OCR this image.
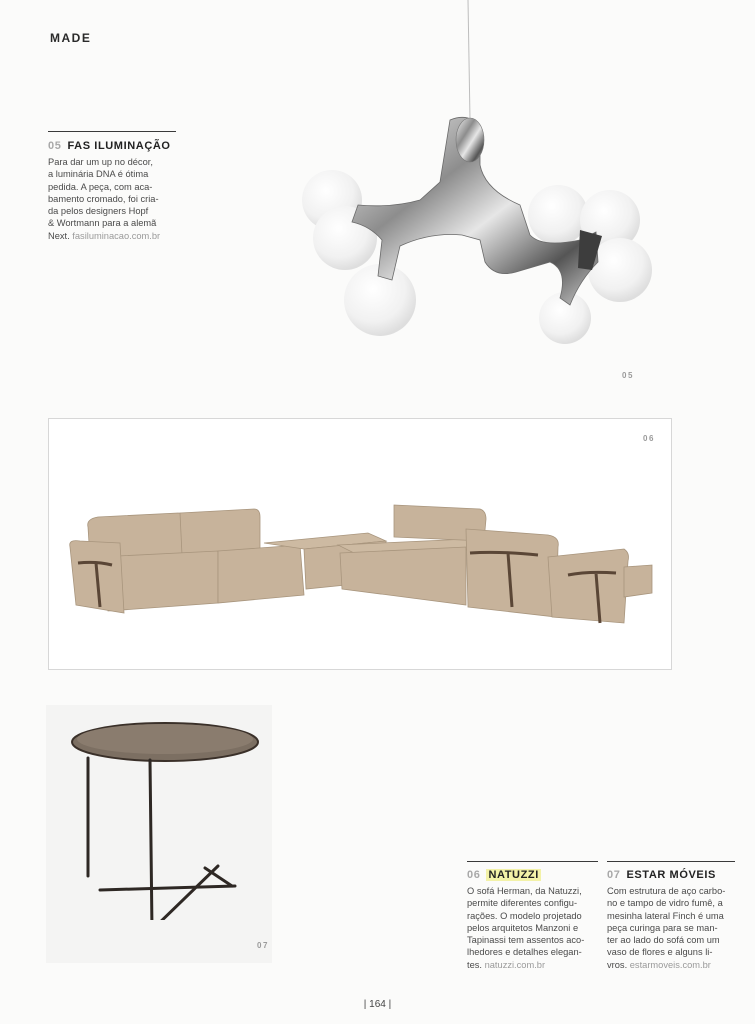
MADE
05 FAS ILUMINAÇÃO
Para dar um up no décor,
a luminária DNA é ótima
pedida. A peça, com aca-
bamento cromado, foi cria-
da pelos designers Hopf
& Wortmann para a alemã
Next. fasiluminacao.com.br
05
06
07
06 NATUZZI
O sofá Herman, da Natuzzi,
permite diferentes configu-
rações. O modelo projetado
pelos arquitetos Manzoni e
Tapinassi tem assentos aco-
lhedores e detalhes elegan-
tes. natuzzi.com.br
07 ESTAR MÓVEIS
Com estrutura de aço carbo-
no e tampo de vidro fumê, a
mesinha lateral Finch é uma
peça curinga para se man-
ter ao lado do sofá com um
vaso de flores e alguns li-
vros. estarmoveis.com.br
| 164 |
